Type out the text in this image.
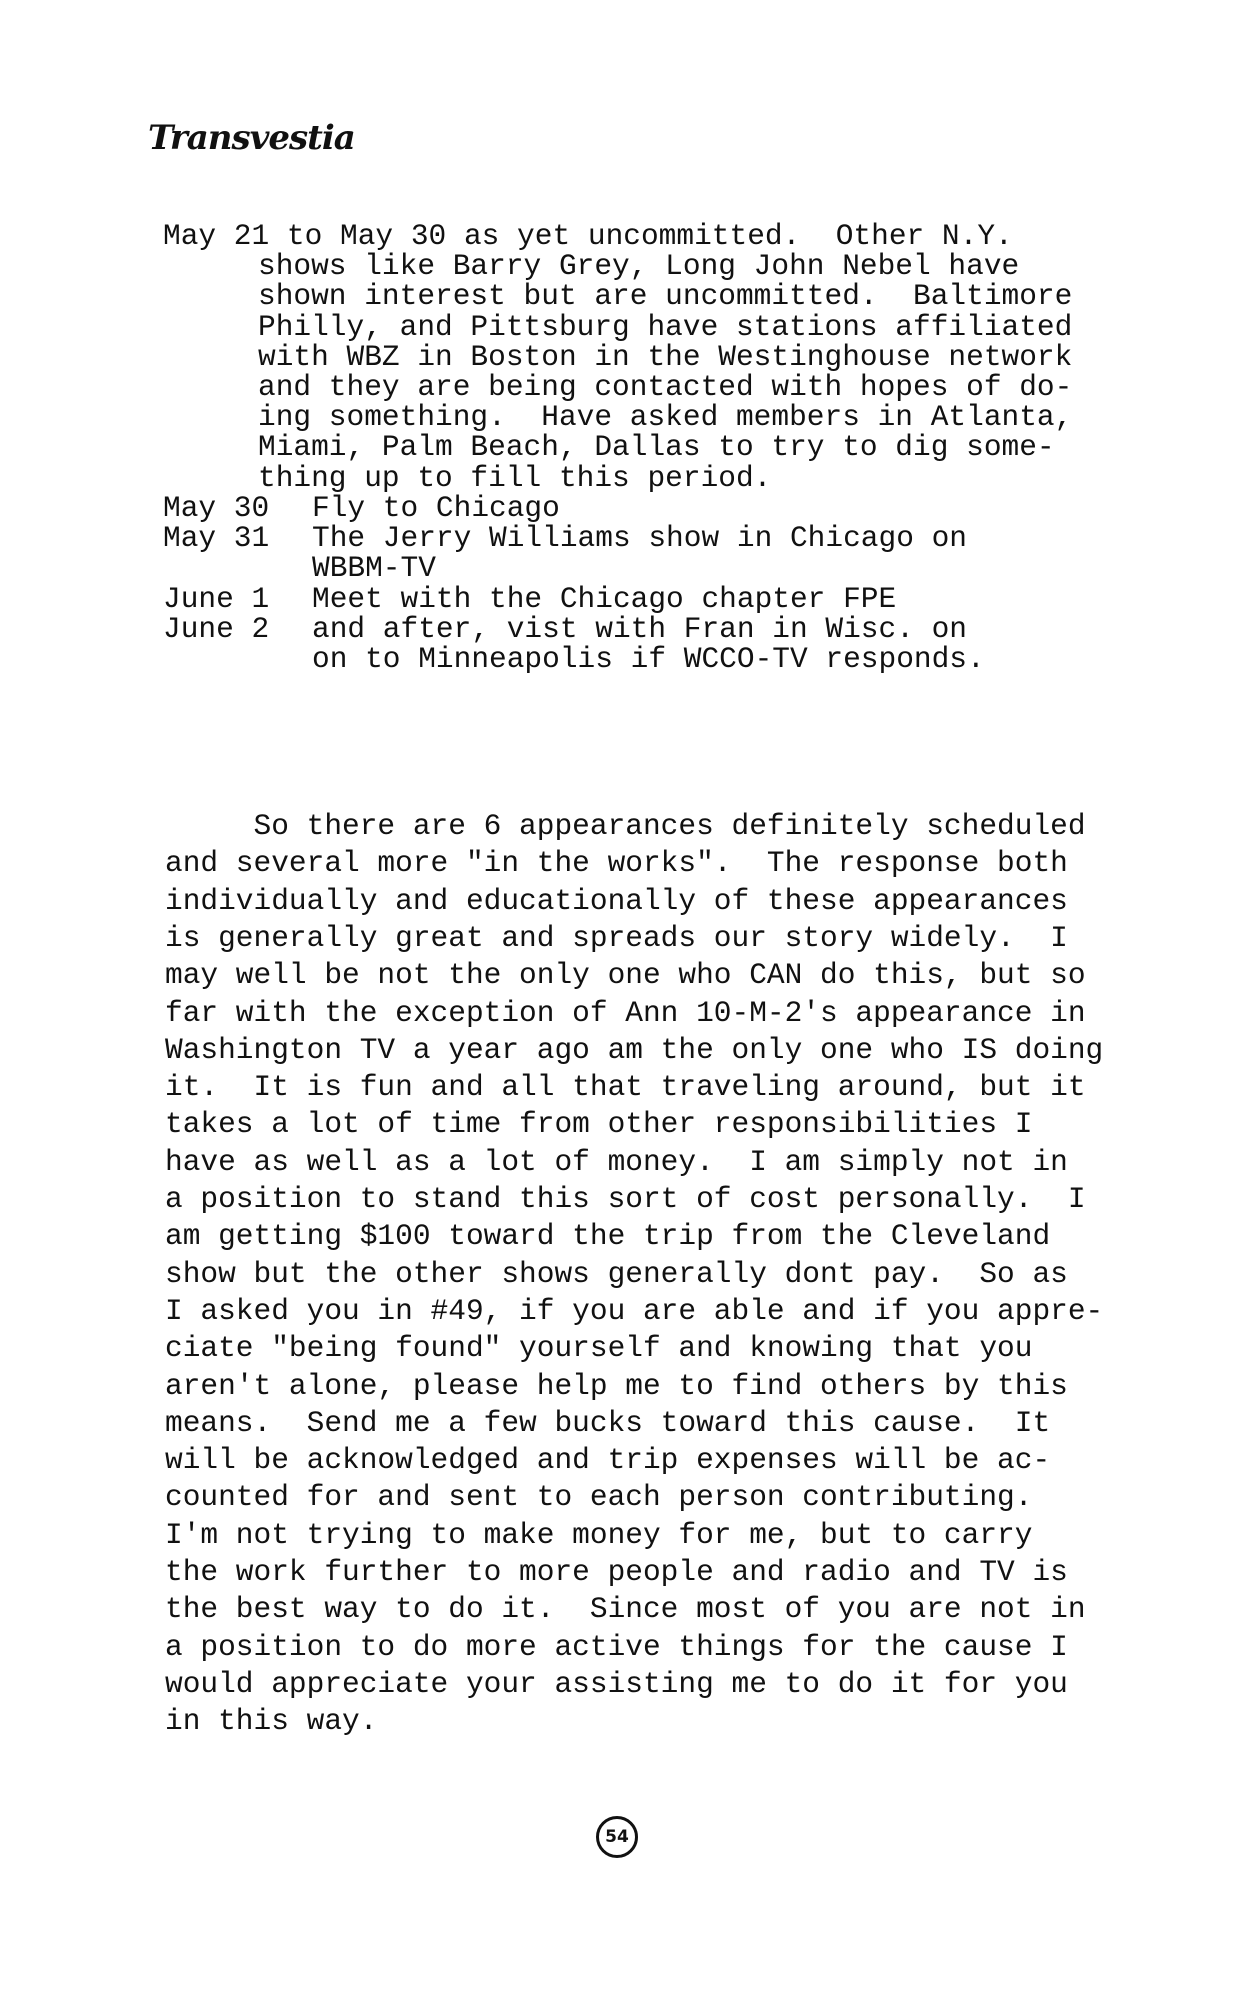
Transvestia
May 21 to May 30 as yet uncommitted.  Other N.Y.
shows like Barry Grey, Long John Nebel have
shown interest but are uncommitted.  Baltimore
Philly, and Pittsburg have stations affiliated
with WBZ in Boston in the Westinghouse network
and they are being contacted with hopes of do-
ing something.  Have asked members in Atlanta,
Miami, Palm Beach, Dallas to try to dig some-
thing up to fill this period.
May 30 Fly to Chicago
May 31 The Jerry Williams show in Chicago on
WBBM-TV
June 1 Meet with the Chicago chapter FPE
June 2 and after, vist with Fran in Wisc. on
on to Minneapolis if WCCO-TV responds.
So there are 6 appearances definitely scheduled
and several more "in the works".  The response both
individually and educationally of these appearances
is generally great and spreads our story widely.  I
may well be not the only one who CAN do this, but so
far with the exception of Ann 10-M-2's appearance in
Washington TV a year ago am the only one who IS doing
it.  It is fun and all that traveling around, but it
takes a lot of time from other responsibilities I
have as well as a lot of money.  I am simply not in
a position to stand this sort of cost personally.  I
am getting $100 toward the trip from the Cleveland
show but the other shows generally dont pay.  So as
I asked you in #49, if you are able and if you appre-
ciate "being found" yourself and knowing that you
aren't alone, please help me to find others by this
means.  Send me a few bucks toward this cause.  It
will be acknowledged and trip expenses will be ac-
counted for and sent to each person contributing.
I'm not trying to make money for me, but to carry
the work further to more people and radio and TV is
the best way to do it.  Since most of you are not in
a position to do more active things for the cause I
would appreciate your assisting me to do it for you
in this way.
54
